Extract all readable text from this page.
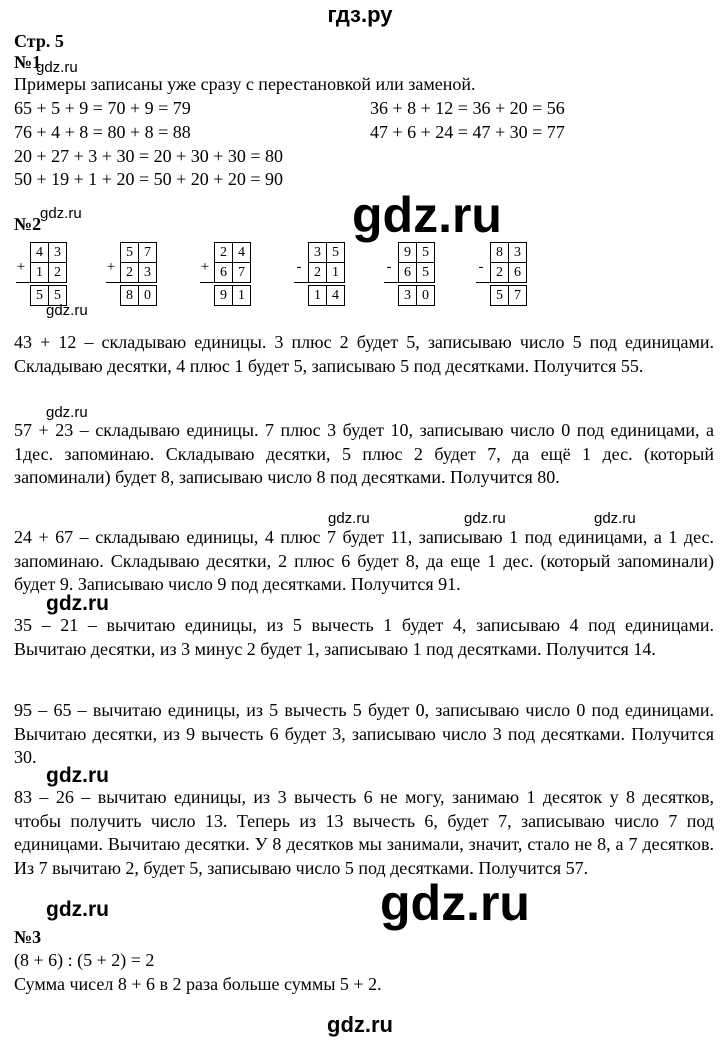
гдз.ру
Стр. 5
№1
gdz.ru
Примеры записаны уже сразу с перестановкой или заменой.
65 + 5 + 9 = 70 + 9 = 79
76 + 4 + 8 = 80 + 8 = 88
20 + 27 + 3 + 30 = 20 + 30 + 30 = 80
50 + 19 + 1 + 20 = 50 + 20 + 20 = 90
36 + 8 + 12 = 36 + 20 = 56
47 + 6 + 24 = 47 + 30 = 77
gdz.ru
№2	gdz.ru
+
4 3
1 2
5 5
+
5 7
2 3
8 0
+
2 4
6 7
9 1
-
3 5
2 1
1 4
-
9 5
6 5
3 0
-
8 3
2 6
5 7
gdz.ru
43 + 12 – складываю единицы. 3 плюс 2 будет 5, записываю число 5 под единицами. Складываю десятки, 4 плюс 1 будет 5, записываю 5 под десятками. Получится 55.
gdz.ru
57 + 23 – складываю единицы. 7 плюс 3 будет 10, записываю число 0 под единицами, а 1дес. запоминаю. Складываю десятки, 5 плюс 2 будет 7, да ещё 1 дес. (который запоминали) будет 8, записываю число 8 под десятками. Получится 80.
gdz.ru	gdz.ru	gdz.ru
24 + 67 – складываю единицы, 4 плюс 7 будет 11, записываю 1 под единицами, а 1 дес. запоминаю. Складываю десятки, 2 плюс 6 будет 8, да еще 1 дес. (который запоминали) будет 9. Записываю число 9 под десятками. Получится 91.
gdz.ru
35 – 21 – вычитаю единицы, из 5 вычесть 1 будет 4, записываю 4 под единицами. Вычитаю десятки, из 3 минус 2 будет 1, записываю 1 под десятками. Получится 14.
95 – 65 – вычитаю единицы, из 5 вычесть 5 будет 0, записываю число 0 под единицами. Вычитаю десятки, из 9 вычесть 6 будет 3, записываю число 3 под десятками. Получится 30.
gdz.ru
83 – 26 – вычитаю единицы, из 3 вычесть 6 не могу, занимаю 1 десяток у 8 десятков, чтобы получить число 13. Теперь из 13 вычесть 6, будет 7, записываю число 7 под единицами. Вычитаю десятки. У 8 десятков мы занимали, значит, стало не 8, а 7 десятков. Из 7 вычитаю 2, будет 5, записываю число 5 под десятками. Получится 57.
gdz.ru
gdz.ru
№3
(8 + 6) : (5 + 2) = 2
Сумма чисел 8 + 6 в 2 раза больше суммы 5 + 2.
gdz.ru
